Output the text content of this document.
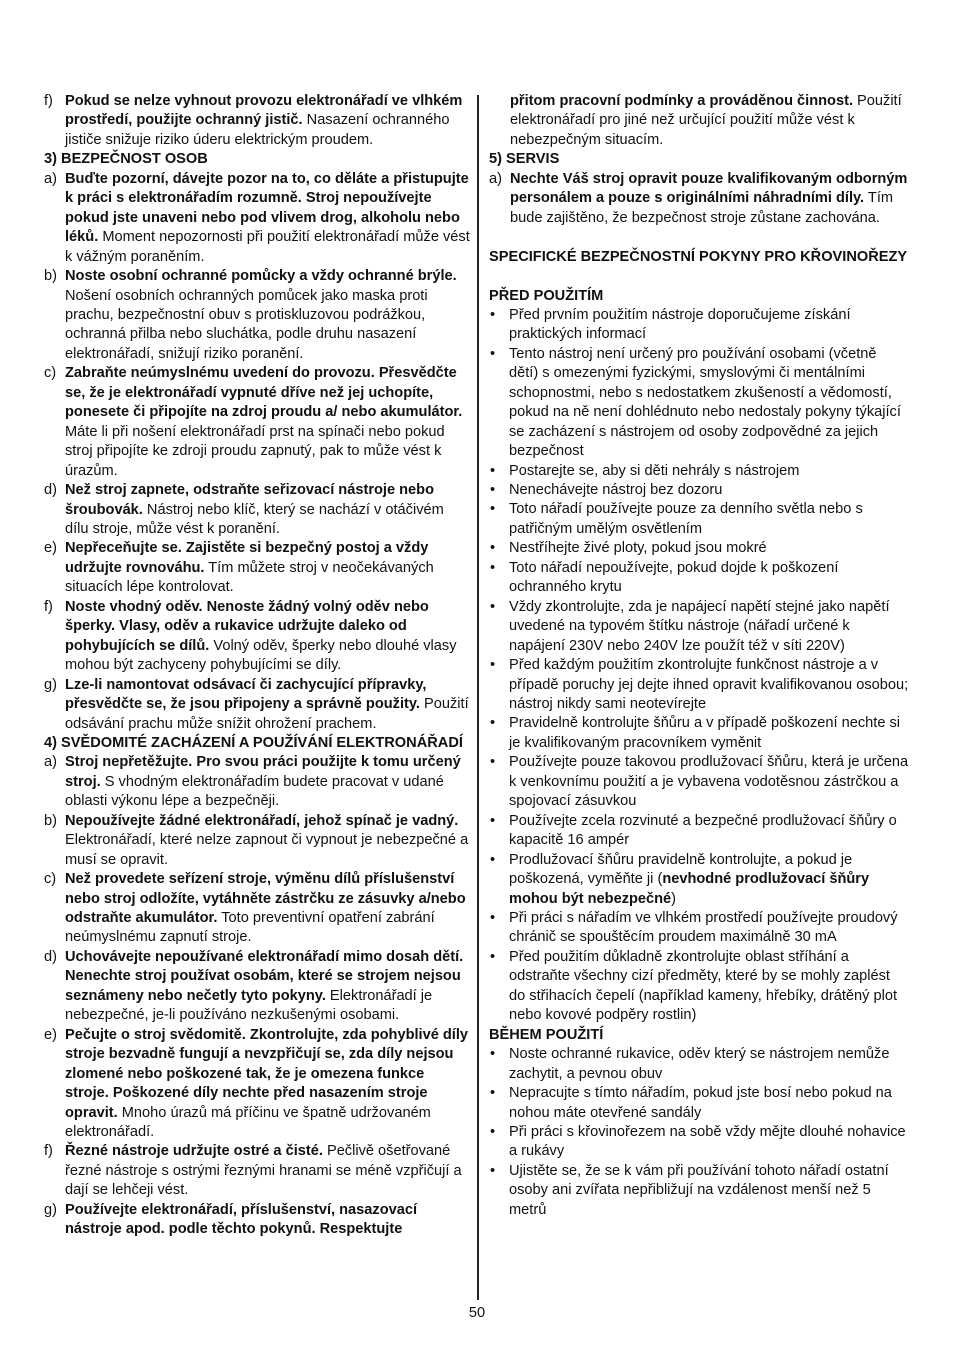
f) Pokud se nelze vyhnout provozu elektronářadí ve vlhkém prostředí, použijte ochranný jistič. Nasazení ochranného jističe snižuje riziko úderu elektrickým proudem.
3) BEZPEČNOST OSOB
a) Buďte pozorní, dávejte pozor na to, co děláte a přistupujte k práci s elektronářadím rozumně. Stroj nepoužívejte pokud jste unaveni nebo pod vlivem drog, alkoholu nebo léků. Moment nepozornosti při použití elektronářadí může vést k vážným poraněním.
b) Noste osobní ochranné pomůcky a vždy ochranné brýle. Nošení osobních ochranných pomůcek jako maska proti prachu, bezpečnostní obuv s protiskluzovou podrážkou, ochranná přilba nebo sluchátka, podle druhu nasazení elektronářadí, snižují riziko poranění.
c) Zabraňte neúmyslnému uvedení do provozu. Přesvědčte se, že je elektronářadí vypnuté dříve než jej uchopíte, ponesete či připojíte na zdroj proudu a/ nebo akumulátor. Máte li při nošení elektronářadí prst na spínači nebo pokud stroj připojíte ke zdroji proudu zapnutý, pak to může vést k úrazům.
d) Než stroj zapnete, odstraňte seřizovací nástroje nebo šroubovák. Nástroj nebo klíč, který se nachází v otáčivém dílu stroje, může vést k poranění.
e) Nepřeceňujte se. Zajistěte si bezpečný postoj a vždy udržujte rovnováhu. Tím můžete stroj v neočekávaných situacích lépe kontrolovat.
f) Noste vhodný oděv. Nenoste žádný volný oděv nebo šperky. Vlasy, oděv a rukavice udržujte daleko od pohybujících se dílů. Volný oděv, šperky nebo dlouhé vlasy mohou být zachyceny pohybujícími se díly.
g) Lze-li namontovat odsávací či zachycující přípravky, přesvědčte se, že jsou připojeny a správně použity. Použití odsávání prachu může snížit ohrožení prachem.
4) SVĚDOMITÉ ZACHÁZENÍ A POUŽÍVÁNÍ ELEKTRONÁŘADÍ
a) Stroj nepřetěžujte. Pro svou práci použijte k tomu určený stroj. S vhodným elektronářadím budete pracovat v udané oblasti výkonu lépe a bezpečněji.
b) Nepoužívejte žádné elektronářadí, jehož spínač je vadný. Elektronářadí, které nelze zapnout či vypnout je nebezpečné a musí se opravit.
c) Než provedete seřízení stroje, výměnu dílů příslušenství nebo stroj odložíte, vytáhněte zástrčku ze zásuvky a/nebo odstraňte akumulátor. Toto preventivní opatření zabrání neúmyslnému zapnutí stroje.
d) Uchovávejte nepoužívané elektronářadí mimo dosah dětí. Nenechte stroj používat osobám, které se strojem nejsou seznámeny nebo nečetly tyto pokyny. Elektronářadí je nebezpečné, je-li používáno nezkušenými osobami.
e) Pečujte o stroj svědomitě. Zkontrolujte, zda pohyblivé díly stroje bezvadně fungují a nevzpřičují se, zda díly nejsou zlomené nebo poškozené tak, že je omezena funkce stroje. Poškozené díly nechte před nasazením stroje opravit. Mnoho úrazů má příčinu ve špatně udržovaném elektronářadí.
f) Řezné nástroje udržujte ostré a čisté. Pečlivě ošetřované řezné nástroje s ostrými řeznými hranami se méně vzpřičují a dají se lehčeji vést.
g) Používejte elektronářadí, příslušenství, nasazovací nástroje apod. podle těchto pokynů. Respektujte
přitom pracovní podmínky a prováděnou činnost. Použití elektronářadí pro jiné než určující použití může vést k nebezpečným situacím.
5) SERVIS
a) Nechte Váš stroj opravit pouze kvalifikovaným odborným personálem a pouze s originálními náhradními díly. Tím bude zajištěno, že bezpečnost stroje zůstane zachována.
SPECIFICKÉ BEZPEČNOSTNÍ POKYNY PRO KŘOVINOŘEZY
PŘED POUŽITÍM
• Před prvním použitím nástroje doporučujeme získání praktických informací
• Tento nástroj není určený pro používání osobami (včetně dětí) s omezenými fyzickými, smyslovými či mentálními schopnostmi, nebo s nedostatkem zkušeností a vědomostí, pokud na ně není dohlédnuto nebo nedostaly pokyny týkající se zacházení s nástrojem od osoby zodpovědné za jejich bezpečnost
• Postarejte se, aby si děti nehrály s nástrojem
• Nenechávejte nástroj bez dozoru
• Toto nářadí používejte pouze za denního světla nebo s patřičným umělým osvětlením
• Nestříhejte živé ploty, pokud jsou mokré
• Toto nářadí nepoužívejte, pokud dojde k poškození ochranného krytu
• Vždy zkontrolujte, zda je napájecí napětí stejné jako napětí uvedené na typovém štítku nástroje (nářadí určené k napájení 230V nebo 240V lze použít též v síti 220V)
• Před každým použitím zkontrolujte funkčnost nástroje a v případě poruchy jej dejte ihned opravit kvalifikovanou osobou; nástroj nikdy sami neotevírejte
• Pravidelně kontrolujte šňůru a v případě poškození nechte si je kvalifikovaným pracovníkem vyměnit
• Používejte pouze takovou prodlužovací šňůru, která je určena k venkovnímu použití a je vybavena vodotěsnou zástrčkou a spojovací zásuvkou
• Používejte zcela rozvinuté a bezpečné prodlužovací šňůry o kapacitě 16 ampér
• Prodlužovací šňůru pravidelně kontrolujte, a pokud je poškozená, vyměňte ji (nevhodné prodlužovací šňůry mohou být nebezpečné)
• Při práci s nářadím ve vlhkém prostředí používejte proudový chránič se spouštěcím proudem maximálně 30 mA
• Před použitím důkladně zkontrolujte oblast stříhání a odstraňte všechny cizí předměty, které by se mohly zaplést do střihacích čepelí (například kameny, hřebíky, drátěný plot nebo kovové podpěry rostlin)
BĚHEM POUŽITÍ
• Noste ochranné rukavice, oděv který se nástrojem nemůže zachytit, a pevnou obuv
• Nepracujte s tímto nářadím, pokud jste bosí nebo pokud na nohou máte otevřené sandály
• Při práci s křovinořezem na sobě vždy mějte dlouhé nohavice a rukávy
• Ujistěte se, že se k vám při používání tohoto nářadí ostatní osoby ani zvířata nepřibližují na vzdálenost menší než 5 metrů
50
